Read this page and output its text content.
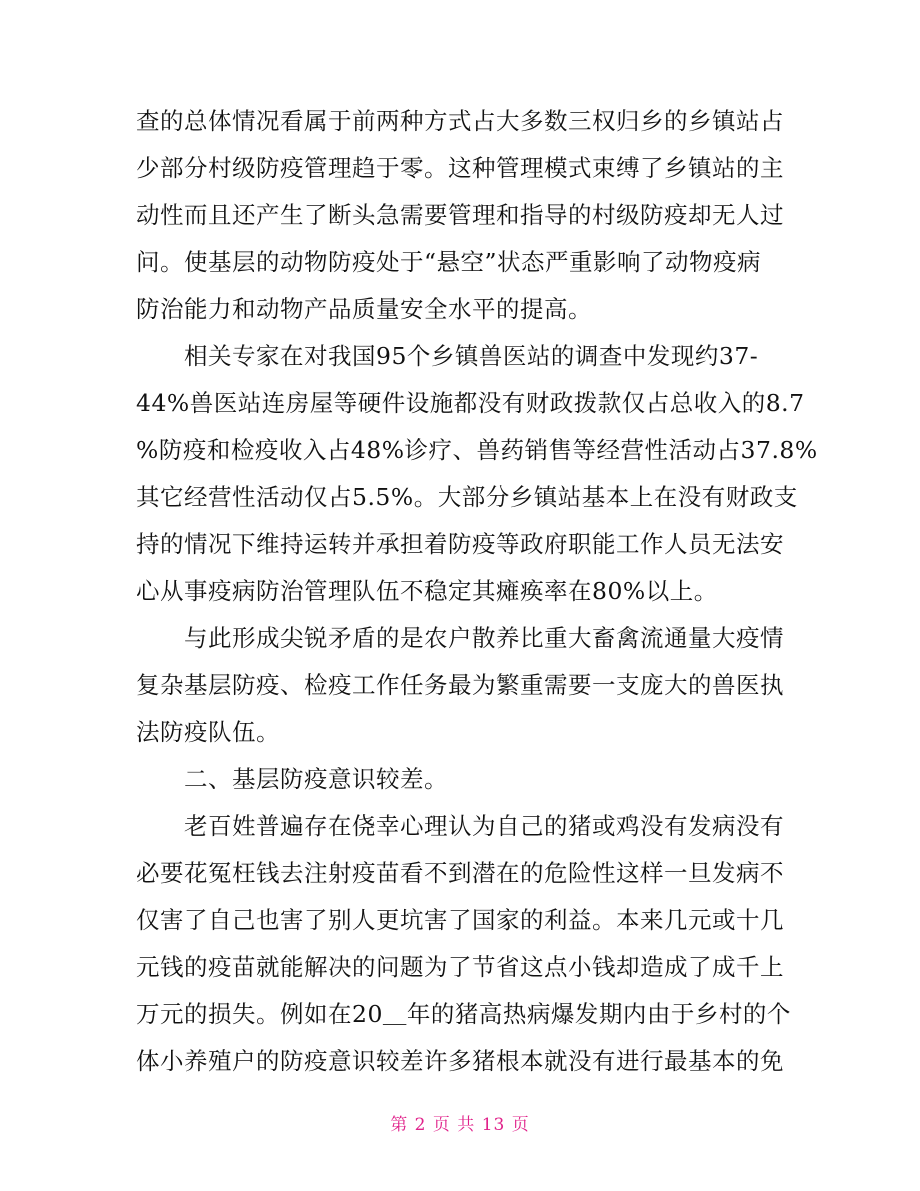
查的总体情况看属于前两种方式占大多数三权归乡的乡镇站占
少部分村级防疫管理趋于零。这种管理模式束缚了乡镇站的主
动性而且还产生了断头急需要管理和指导的村级防疫却无人过
问。使基层的动物防疫处于“悬空”状态严重影响了动物疫病
防治能力和动物产品质量安全水平的提高。
　　相关专家在对我国95个乡镇兽医站的调查中发现约37-
44%兽医站连房屋等硬件设施都没有财政拨款仅占总收入的8.7
%防疫和检疫收入占48%诊疗、兽药销售等经营性活动占37.8%
其它经营性活动仅占5.5%。大部分乡镇站基本上在没有财政支
持的情况下维持运转并承担着防疫等政府职能工作人员无法安
心从事疫病防治管理队伍不稳定其瘫痪率在80%以上。
　　与此形成尖锐矛盾的是农户散养比重大畜禽流通量大疫情
复杂基层防疫、检疫工作任务最为繁重需要一支庞大的兽医执
法防疫队伍。
　　二、基层防疫意识较差。
　　老百姓普遍存在侥幸心理认为自己的猪或鸡没有发病没有
必要花冤枉钱去注射疫苗看不到潜在的危险性这样一旦发病不
仅害了自己也害了别人更坑害了国家的利益。本来几元或十几
元钱的疫苗就能解决的问题为了节省这点小钱却造成了成千上
万元的损失。例如在20＿年的猪高热病爆发期内由于乡村的个
体小养殖户的防疫意识较差许多猪根本就没有进行最基本的免
第 2 页 共 13 页
